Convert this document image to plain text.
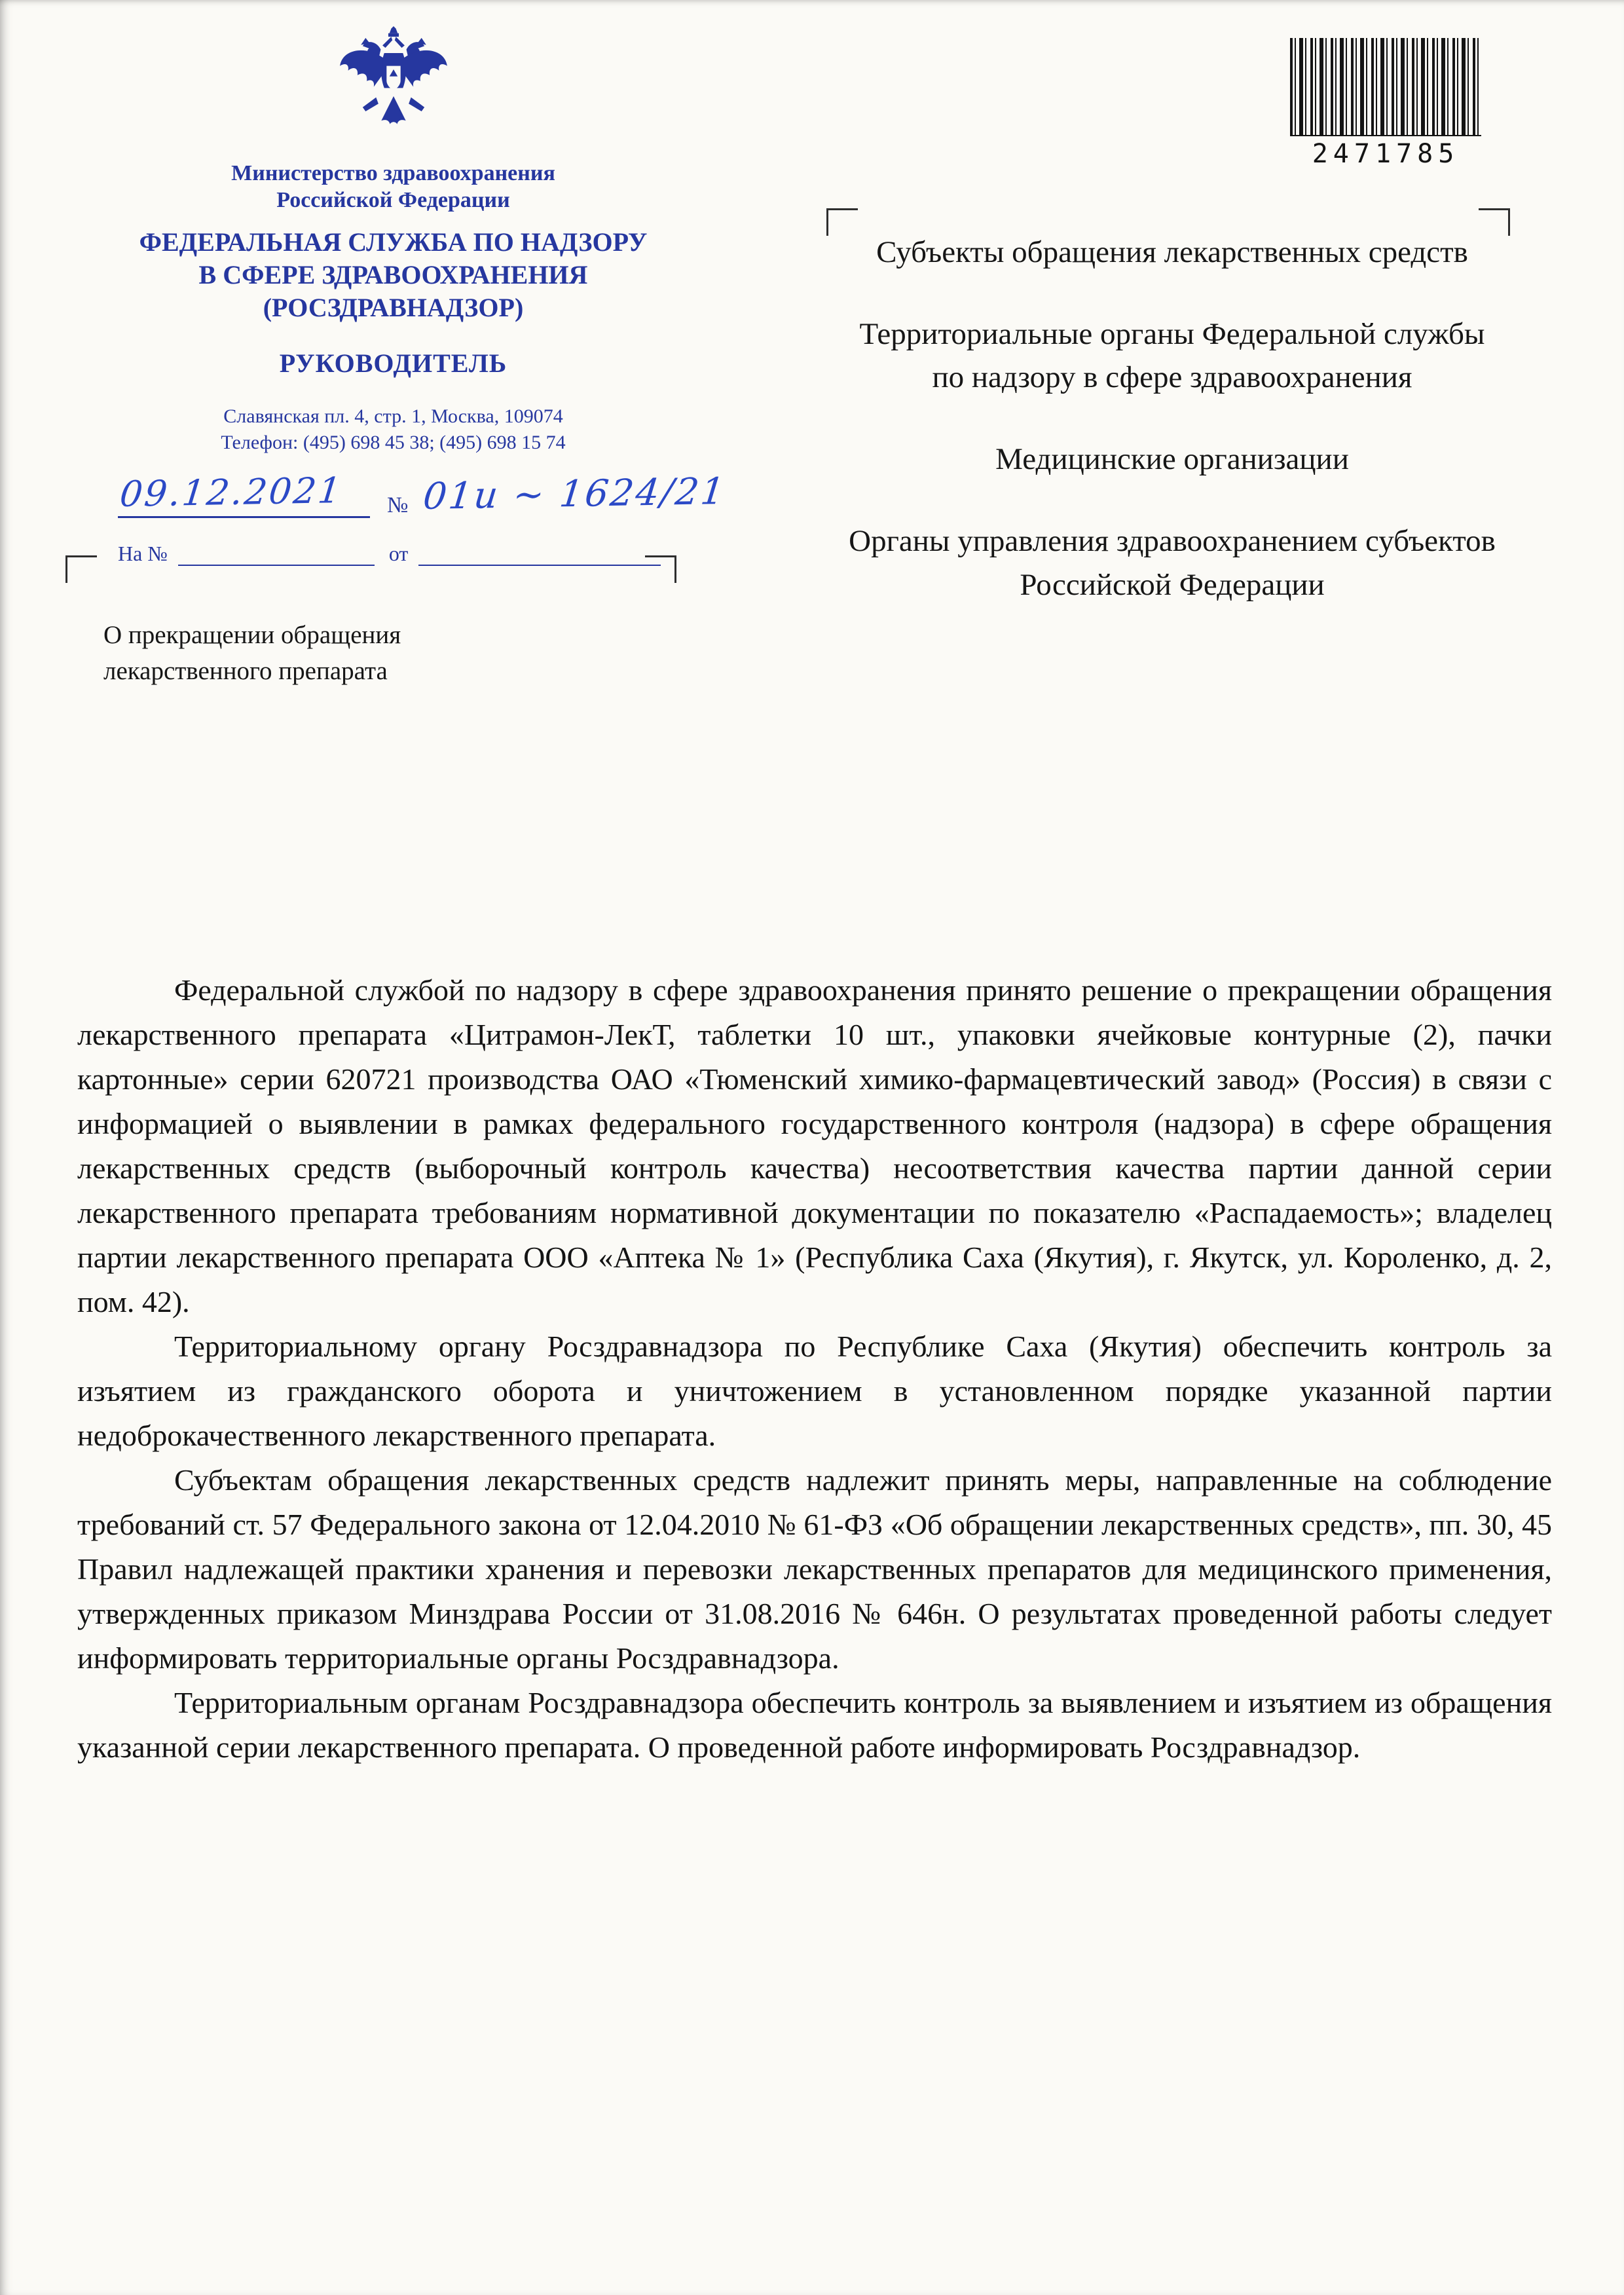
Министерство здравоохранения
Российской Федерации
ФЕДЕРАЛЬНАЯ СЛУЖБА ПО НАДЗОРУ
В СФЕРЕ ЗДРАВООХРАНЕНИЯ
(РОСЗДРАВНАДЗОР)
РУКОВОДИТЕЛЬ
Славянская пл. 4, стр. 1, Москва, 109074
Телефон: (495) 698 45 38; (495) 698 15 74
09.12.2021 № 01и ~ 1624/21
На №	от
2471785
Субъекты обращения лекарственных средств
Территориальные органы Федеральной службы по надзору в сфере здравоохранения
Медицинские организации
Органы управления здравоохранением субъектов Российской Федерации
О прекращении обращения
лекарственного препарата

Федеральной службой по надзору в сфере здравоохранения принято решение о прекращении обращения лекарственного препарата «Цитрамон-ЛекТ, таблетки 10 шт., упаковки ячейковые контурные (2), пачки картонные» серии 620721 производства ОАО «Тюменский химико-фармацевтический завод» (Россия) в связи с информацией о выявлении в рамках федерального государственного контроля (надзора) в сфере обращения лекарственных средств (выборочный контроль качества) несоответствия качества партии данной серии лекарственного препарата требованиям нормативной документации по показателю «Распадаемость»; владелец партии лекарственного препарата ООО «Аптека № 1» (Республика Саха (Якутия), г. Якутск, ул. Короленко, д. 2, пом. 42).

Территориальному органу Росздравнадзора по Республике Саха (Якутия) обеспечить контроль за изъятием из гражданского оборота и уничтожением в установленном порядке указанной партии недоброкачественного лекарственного препарата.

Субъектам обращения лекарственных средств надлежит принять меры, направленные на соблюдение требований ст. 57 Федерального закона от 12.04.2010 № 61-ФЗ «Об обращении лекарственных средств», пп. 30, 45 Правил надлежащей практики хранения и перевозки лекарственных препаратов для медицинского применения, утвержденных приказом Минздрава России от 31.08.2016 № 646н. О результатах проведенной работы следует информировать территориальные органы Росздравнадзора.

Территориальным органам Росздравнадзора обеспечить контроль за выявлением и изъятием из обращения указанной серии лекарственного препарата. О проведенной работе информировать Росздравнадзор.
